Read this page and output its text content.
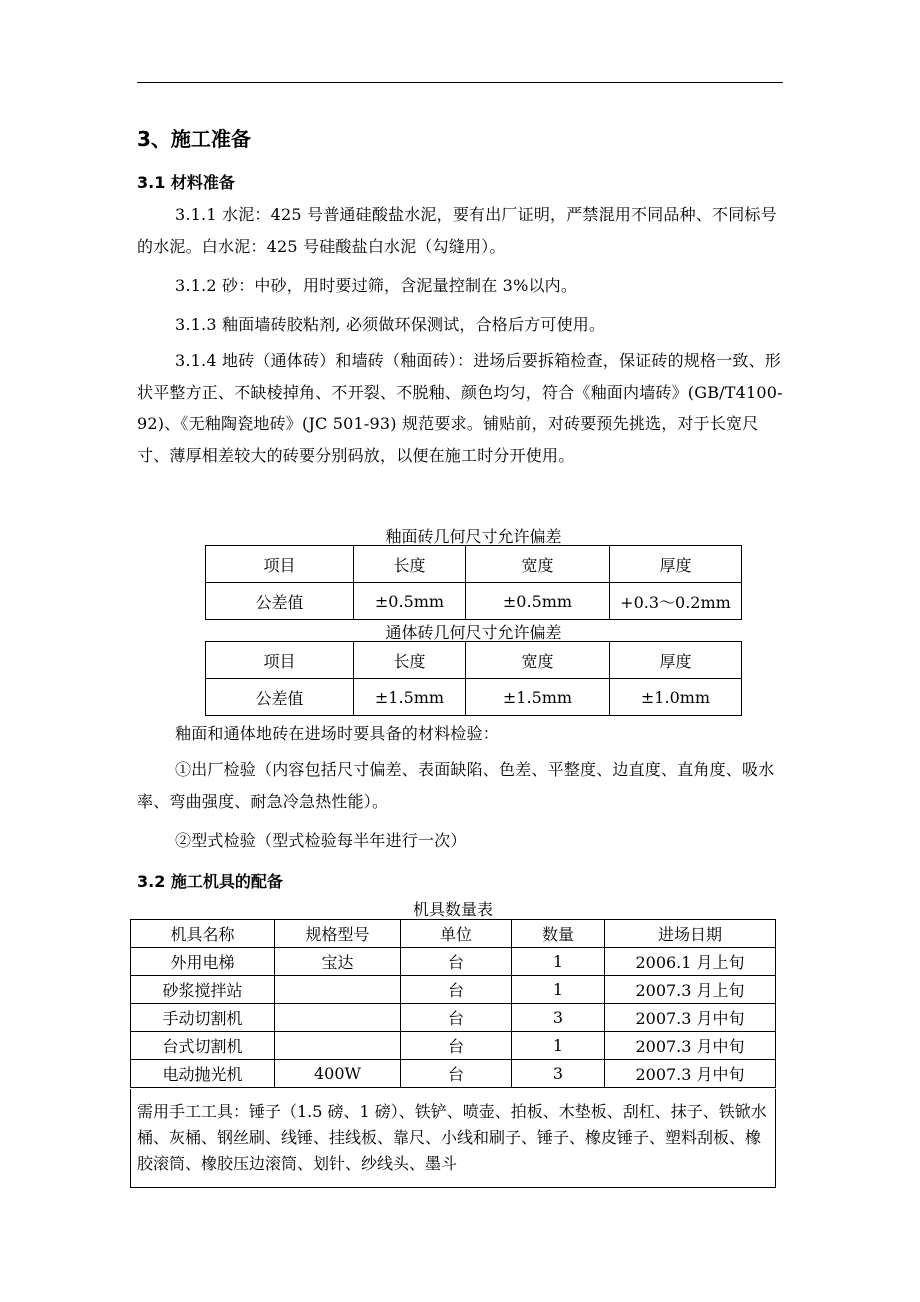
3、施工准备
3.1 材料准备
3.1.1 水泥：425 号普通硅酸盐水泥，要有出厂证明，严禁混用不同品种、不同标号的水泥。白水泥：425 号硅酸盐白水泥（勾缝用）。
3.1.2 砂：中砂，用时要过筛，含泥量控制在 3%以内。
3.1.3 釉面墙砖胶粘剂, 必须做环保测试，合格后方可使用。
3.1.4 地砖（通体砖）和墙砖（釉面砖）：进场后要拆箱检查，保证砖的规格一致、形状平整方正、不缺棱掉角、不开裂、不脱釉、颜色均匀，符合《釉面内墙砖》(GB/T4100-92)、《无釉陶瓷地砖》(JC 501-93) 规范要求。铺贴前，对砖要预先挑选，对于长宽尺寸、薄厚相差较大的砖要分别码放，以便在施工时分开使用。
釉面砖几何尺寸允许偏差
项目	长度	宽度	厚度
公差值	±0.5mm	±0.5mm	+0.3～0.2mm
通体砖几何尺寸允许偏差
项目	长度	宽度	厚度
公差值	±1.5mm	±1.5mm	±1.0mm
釉面和通体地砖在进场时要具备的材料检验：
①出厂检验（内容包括尺寸偏差、表面缺陷、色差、平整度、边直度、直角度、吸水率、弯曲强度、耐急冷急热性能）。
②型式检验（型式检验每半年进行一次）
3.2 施工机具的配备
机具数量表
机具名称	规格型号	单位	数量	进场日期
外用电梯	宝达	台	1	2006.1 月上旬
砂浆搅拌站		台	1	2007.3 月上旬
手动切割机		台	3	2007.3 月中旬
台式切割机		台	1	2007.3 月中旬
电动抛光机	400W	台	3	2007.3 月中旬
需用手工工具：锤子（1.5 磅、1 磅）、铁铲、喷壶、拍板、木垫板、刮杠、抹子、铁锨水桶、灰桶、钢丝刷、线锤、挂线板、靠尺、小线和刷子、锤子、橡皮锤子、塑料刮板、橡胶滚筒、橡胶压边滚筒、划针、纱线头、墨斗
